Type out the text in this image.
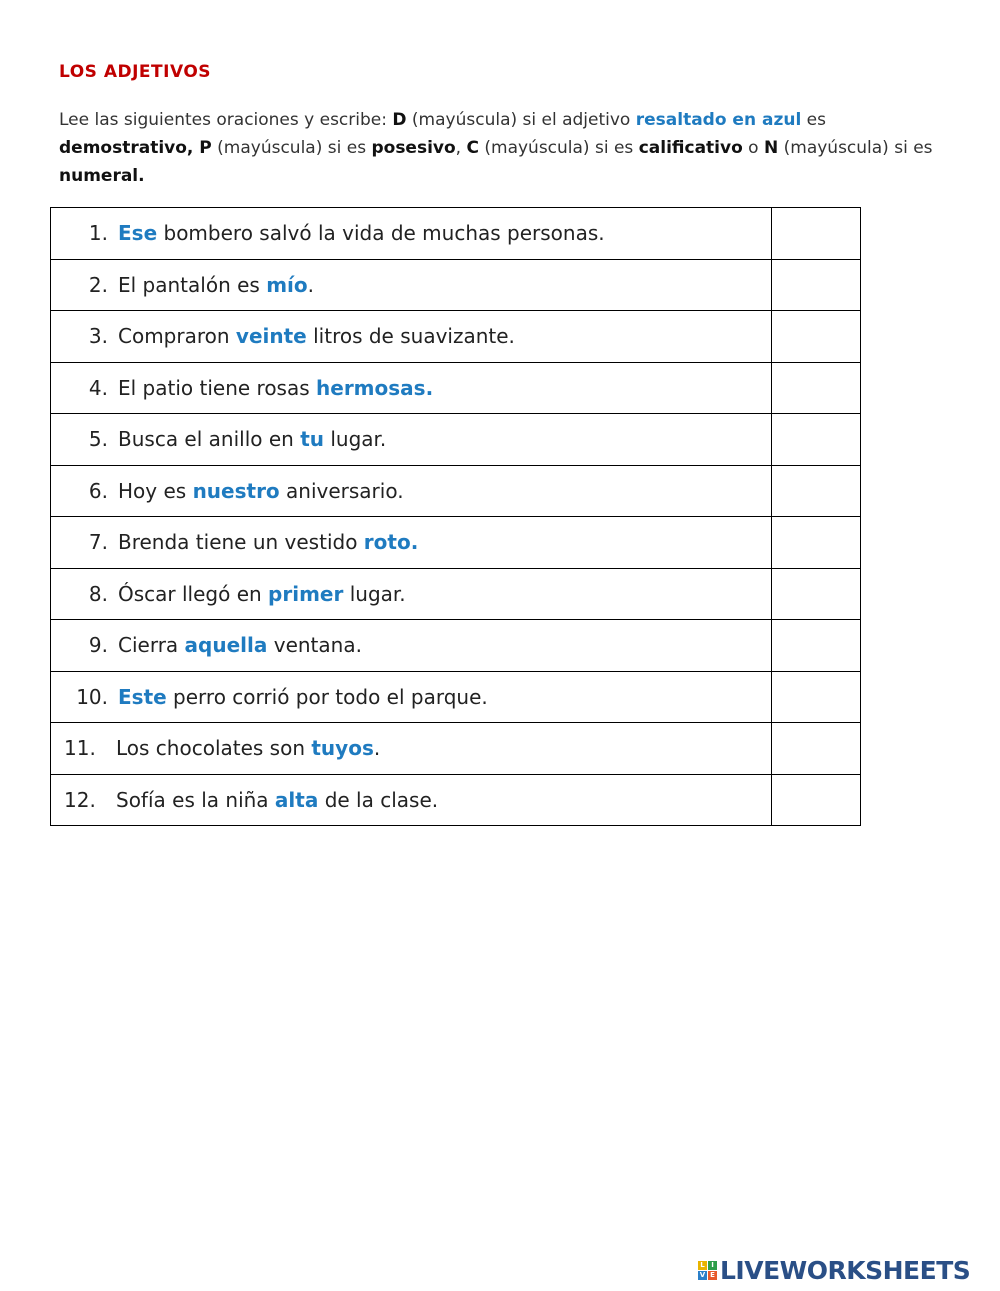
LOS ADJETIVOS
Lee las siguientes oraciones y escribe: D (mayúscula) si el adjetivo resaltado en azul es demostrativo, P (mayúscula) si es posesivo, C (mayúscula) si es calificativo o N (mayúscula) si es numeral.
1. Ese bombero salvó la vida de muchas personas.	
2. El pantalón es mío.	
3. Compraron veinte litros de suavizante.	
4. El patio tiene rosas hermosas.	
5. Busca el anillo en tu lugar.	
6. Hoy es nuestro aniversario.	
7. Brenda tiene un vestido roto.	
8. Óscar llegó en primer lugar.	
9. Cierra aquella ventana.	
10. Este perro corrió por todo el parque.	
11. Los chocolates son tuyos.	
12. Sofía es la niña alta de la clase.	
L I
V E LIVEWORKSHEETS
